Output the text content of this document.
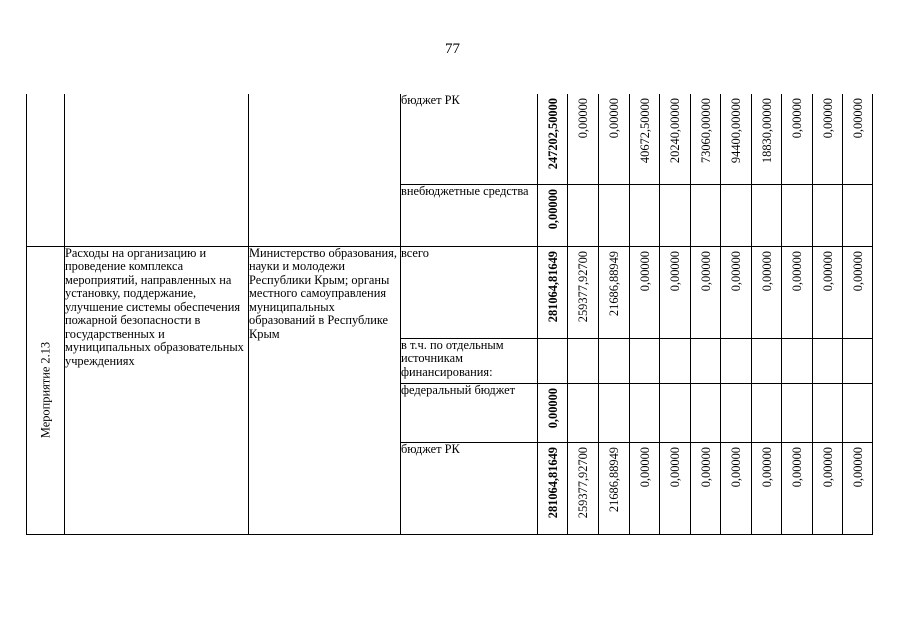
77
			бюджет РК	247202,50000	0,00000	0,00000	40672,50000	20240,00000	73060,00000	94400,00000	18830,00000	0,00000	0,00000	0,00000

			внебюджетные средства	0,00000										

Мероприятие 2.13	Расходы на организацию и проведение комплекса мероприятий, направленных на установку, поддержание, улучшение системы обеспечения пожарной безопасности в государственных и муниципальных образовательных учреждениях	Министерство образования, науки и молодежи Республики Крым; органы местного самоуправления муниципальных образований в Республике Крым	всего	281064,81649	259377,92700	21686,88949	0,00000	0,00000	0,00000	0,00000	0,00000	0,00000	0,00000	0,00000

			в т.ч. по отдельным источникам финансирования:	

			федеральный бюджет	0,00000										

			бюджет РК	281064,81649	259377,92700	21686,88949	0,00000	0,00000	0,00000	0,00000	0,00000	0,00000	0,00000	0,00000
